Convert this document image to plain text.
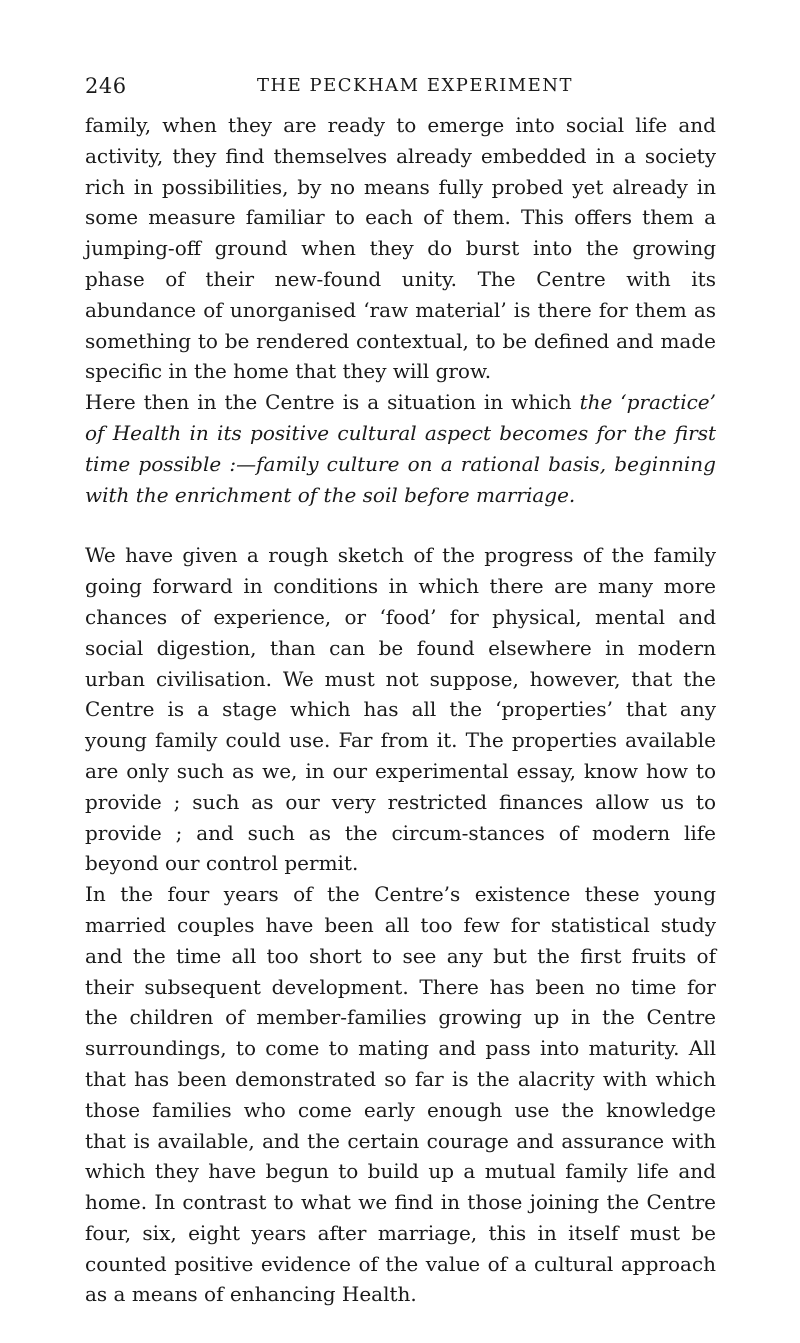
246	THE PECKHAM EXPERIMENT

family, when they are ready to emerge into social life and activity, they find themselves already embedded in a society rich in possibilities, by no means fully probed yet already in some measure familiar to each of them. This offers them a jumping-off ground when they do burst into the growing phase of their new-found unity. The Centre with its abundance of unorganised ‘raw material’ is there for them as something to be rendered contextual, to be defined and made specific in the home that they will grow.

Here then in the Centre is a situation in which the ‘practice’ of Health in its positive cultural aspect becomes for the first time possible :—family culture on a rational basis, beginning with the enrichment of the soil before marriage.

We have given a rough sketch of the progress of the family going forward in conditions in which there are many more chances of experience, or ‘food’ for physical, mental and social digestion, than can be found elsewhere in modern urban civilisation. We must not suppose, however, that the Centre is a stage which has all the ‘properties’ that any young family could use. Far from it. The properties available are only such as we, in our experimental essay, know how to provide ; such as our very restricted finances allow us to provide ; and such as the circum-stances of modern life beyond our control permit.

In the four years of the Centre’s existence these young married couples have been all too few for statistical study and the time all too short to see any but the first fruits of their subsequent development. There has been no time for the children of member-families growing up in the Centre surroundings, to come to mating and pass into maturity. All that has been demonstrated so far is the alacrity with which those families who come early enough use the knowledge that is available, and the certain courage and assurance with which they have begun to build up a mutual family life and home. In contrast to what we find in those joining the Centre four, six, eight years after marriage, this in itself must be counted positive evidence of the value of a cultural approach as a means of enhancing Health.
